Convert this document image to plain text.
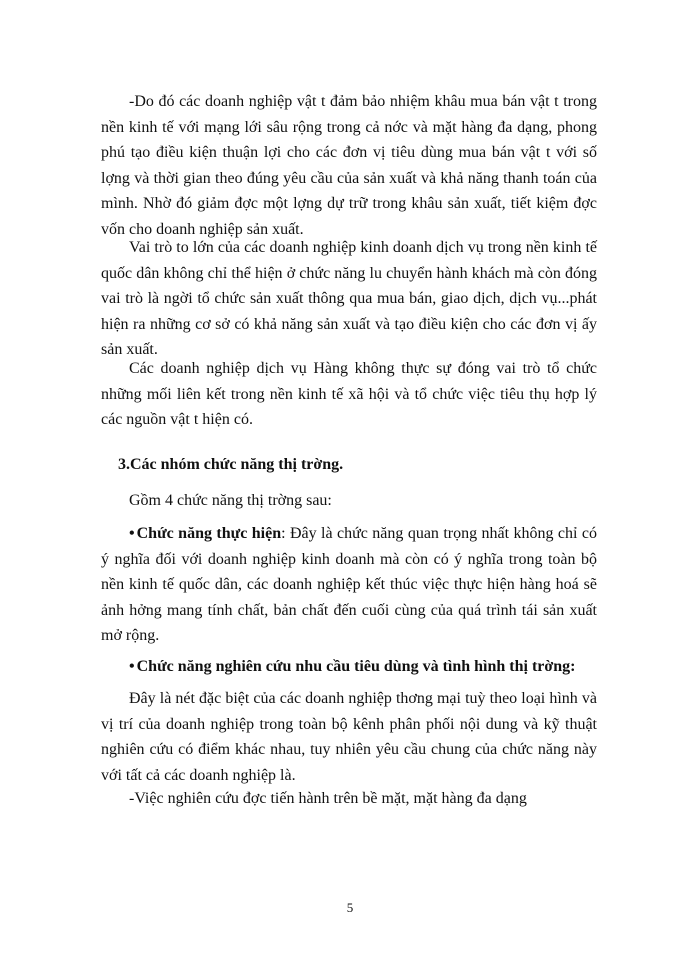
-Do đó các doanh nghiệp vật t đảm bảo nhiệm khâu mua bán vật t trong nền kinh tế với mạng lới sâu rộng trong cả nớc và mặt hàng đa dạng, phong phú tạo điều kiện thuận lợi cho các đơn vị tiêu dùng mua bán vật t với số lợng và thời gian theo đúng yêu cầu của sản xuất và khả năng thanh toán của mình. Nhờ đó giảm đợc một lợng dự trữ trong khâu sản xuất, tiết kiệm đợc vốn cho doanh nghiệp sản xuất.

Vai trò to lớn của các doanh nghiệp kinh doanh dịch vụ trong nền kinh tế quốc dân không chỉ thể hiện ở chức năng lu chuyển hành khách mà còn đóng vai trò là ngời tổ chức sản xuất thông qua mua bán, giao dịch, dịch vụ...phát hiện ra những cơ sở có khả năng sản xuất và tạo điều kiện cho các đơn vị ấy sản xuất.

Các doanh nghiệp dịch vụ Hàng không thực sự đóng vai trò tổ chức những mối liên kết trong nền kinh tế xã hội và tổ chức việc tiêu thụ hợp lý các nguồn vật t hiện có.

3.Các nhóm chức năng thị trờng.

Gồm 4 chức năng thị trờng sau:

• Chức năng thực hiện: Đây là chức năng quan trọng nhất không chỉ có ý nghĩa đối với doanh nghiệp kinh doanh mà còn có ý nghĩa trong toàn bộ nền kinh tế quốc dân, các doanh nghiệp kết thúc việc thực hiện hàng hoá sẽ ảnh hởng mang tính chất, bản chất đến cuối cùng của quá trình tái sản xuất mở rộng.

• Chức năng nghiên cứu nhu cầu tiêu dùng và tình hình thị trờng:

Đây là nét đặc biệt của các doanh nghiệp thơng mại tuỳ theo loại hình và vị trí của doanh nghiệp trong toàn bộ kênh phân phối nội dung và kỹ thuật nghiên cứu có điểm khác nhau, tuy nhiên yêu cầu chung của chức năng này với tất cả các doanh nghiệp là.

-Việc nghiên cứu đợc tiến hành trên bề mặt, mặt hàng đa dạng

5
